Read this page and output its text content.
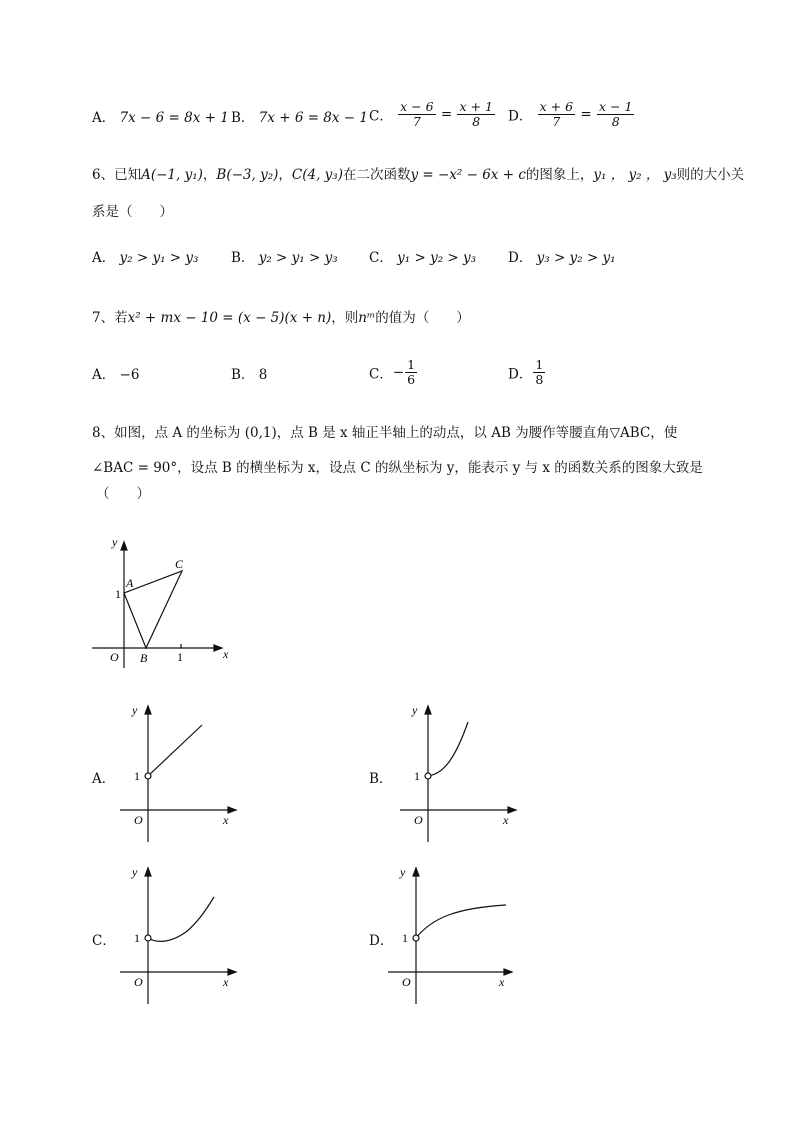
A． 7x − 6 = 8x + 1 B． 7x + 6 = 8x − 1 C． $\frac{x - 6}{7} = \frac{x + 1}{8}$ D． $\frac{x + 6}{7} = \frac{x - 1}{8}$
6、已知A(−1, y₁)，B(−3, y₂)，C(4, y₃)在二次函数y = −x² − 6x + c的图象上，y₁ ， y₂ ， y₃则的大小关
系是（　　）
A． y₂ > y₁ > y₃ B． y₂ > y₁ > y₃ C． y₁ > y₂ > y₃ D． y₃ > y₂ > y₁
7、若x² + mx − 10 = (x − 5)(x + n)，则nᵐ的值为（　　）
A． −6	B． 8	C．− $\frac{1}{6}$	D． $\frac{1}{8}$
8、如图，点 A 的坐标为 (0,1)，点 B 是 x 轴正半轴上的动点，以 AB 为腰作等腰直角▽ABC，使
∠BAC = 90°，设点 B 的横坐标为 x，设点 C 的纵坐标为 y，能表示 y 与 x 的函数关系的图象大致是
（　　）
y
x
O
A
B
C
1
1
A．
y
x
O
1	B．
y
x
O
1
C．
y
x
O
1	D．
y
x
O
1
